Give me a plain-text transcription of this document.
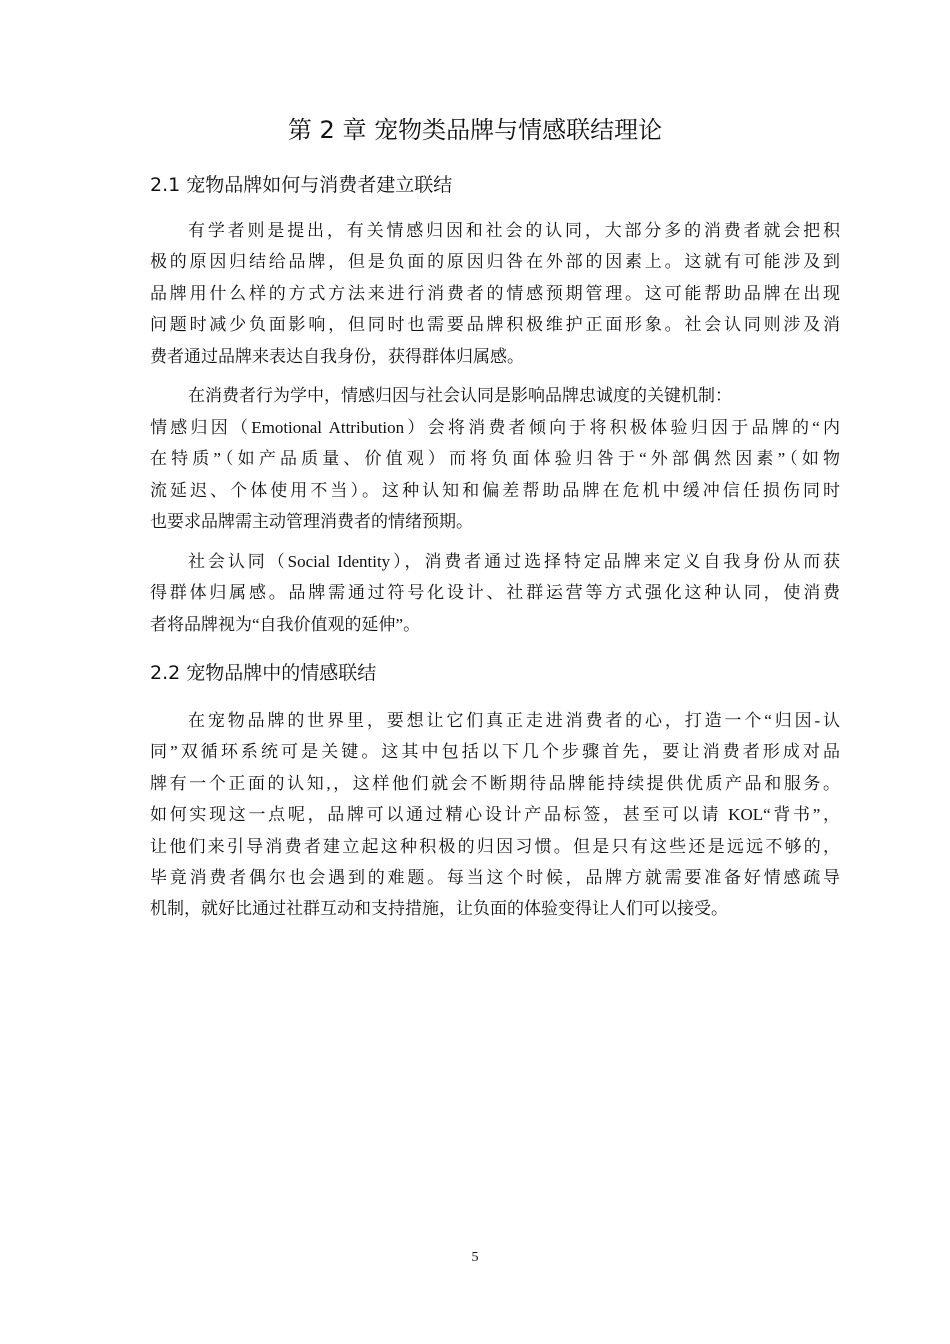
第 2 章 宠物类品牌与情感联结理论
2.1 宠物品牌如何与消费者建立联结
有学者则是提出，有关情感归因和社会的认同，大部分多的消费者就会把积
极的原因归结给品牌，但是负面的原因归咎在外部的因素上。这就有可能涉及到
品牌用什么样的方式方法来进行消费者的情感预期管理。这可能帮助品牌在出现
问题时减少负面影响，但同时也需要品牌积极维护正面形象。社会认同则涉及消
费者通过品牌来表达自我身份，获得群体归属感。
在消费者行为学中，情感归因与社会认同是影响品牌忠诚度的关键机制：
情感归因（Emotional Attribution）会将消费者倾向于将积极体验归因于品牌的“内
在特质”（如产品质量、价值观）而将负面体验归咎于“外部偶然因素”（如物
流延迟、个体使用不当）。这种认知和偏差帮助品牌在危机中缓冲信任损伤同时
也要求品牌需主动管理消费者的情绪预期。
社会认同（Social Identity），消费者通过选择特定品牌来定义自我身份从而获
得群体归属感。品牌需通过符号化设计、社群运营等方式强化这种认同，使消费
者将品牌视为“自我价值观的延伸”。
2.2 宠物品牌中的情感联结
在宠物品牌的世界里，要想让它们真正走进消费者的心，打造一个“归因-认
同”双循环系统可是关键。这其中包括以下几个步骤首先，要让消费者形成对品
牌有一个正面的认知,，这样他们就会不断期待品牌能持续提供优质产品和服务。
如何实现这一点呢，品牌可以通过精心设计产品标签，甚至可以请 KOL“背书”，
让他们来引导消费者建立起这种积极的归因习惯。但是只有这些还是远远不够的，
毕竟消费者偶尔也会遇到的难题。每当这个时候，品牌方就需要准备好情感疏导
机制，就好比通过社群互动和支持措施，让负面的体验变得让人们可以接受。
5
